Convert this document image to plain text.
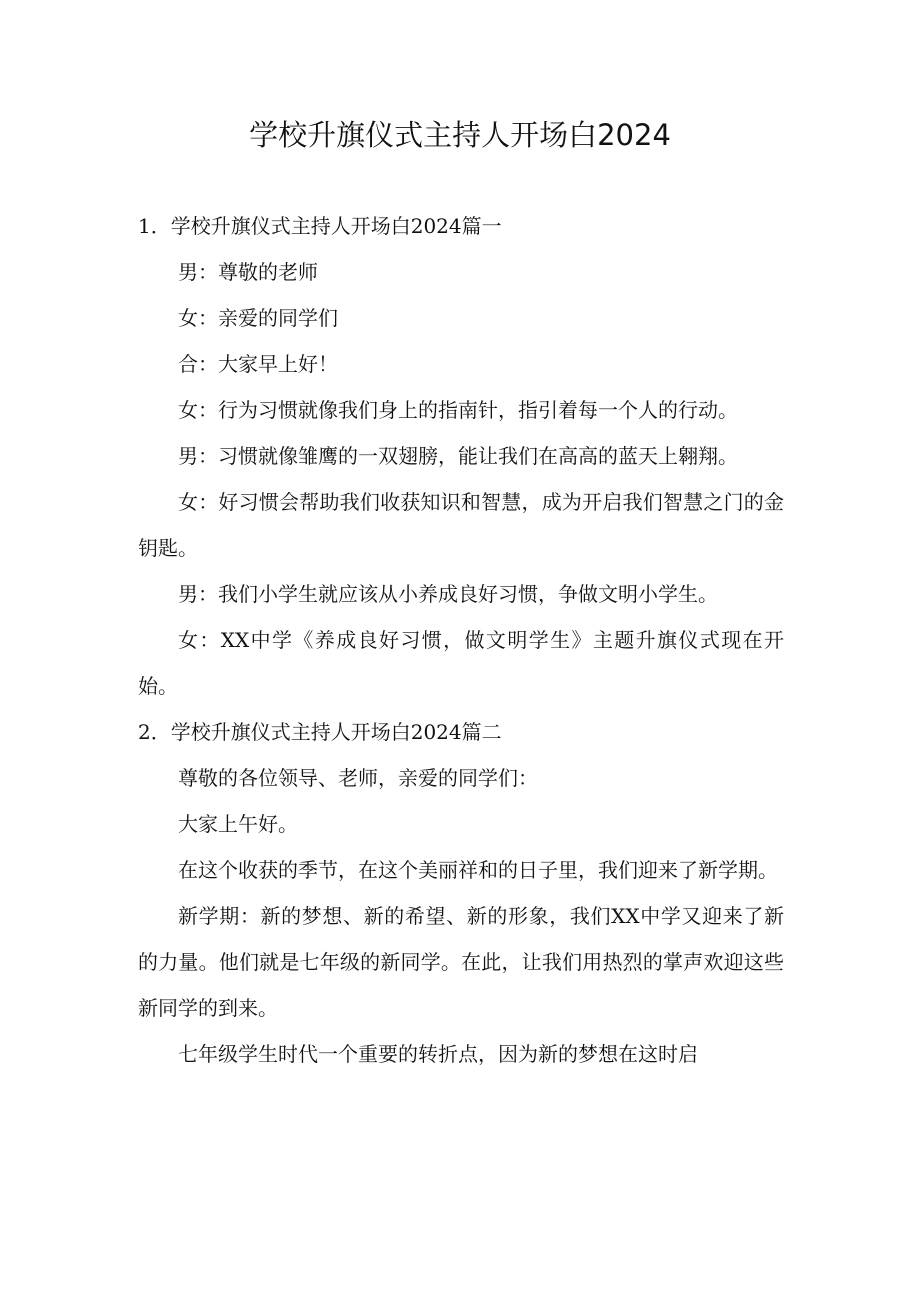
学校升旗仪式主持人开场白2024
1．学校升旗仪式主持人开场白2024篇一

男：尊敬的老师

女：亲爱的同学们

合：大家早上好！

女：行为习惯就像我们身上的指南针，指引着每一个人的行动。

男：习惯就像雏鹰的一双翅膀，能让我们在高高的蓝天上翱翔。

女：好习惯会帮助我们收获知识和智慧，成为开启我们智慧之门的金钥匙。

男：我们小学生就应该从小养成良好习惯，争做文明小学生。

女：XX中学《养成良好习惯，做文明学生》主题升旗仪式现在开始。

2．学校升旗仪式主持人开场白2024篇二

尊敬的各位领导、老师，亲爱的同学们：

大家上午好。

在这个收获的季节，在这个美丽祥和的日子里，我们迎来了新学期。

新学期：新的梦想、新的希望、新的形象，我们XX中学又迎来了新的力量。他们就是七年级的新同学。在此，让我们用热烈的掌声欢迎这些新同学的到来。

七年级学生时代一个重要的转折点，因为新的梦想在这时启
